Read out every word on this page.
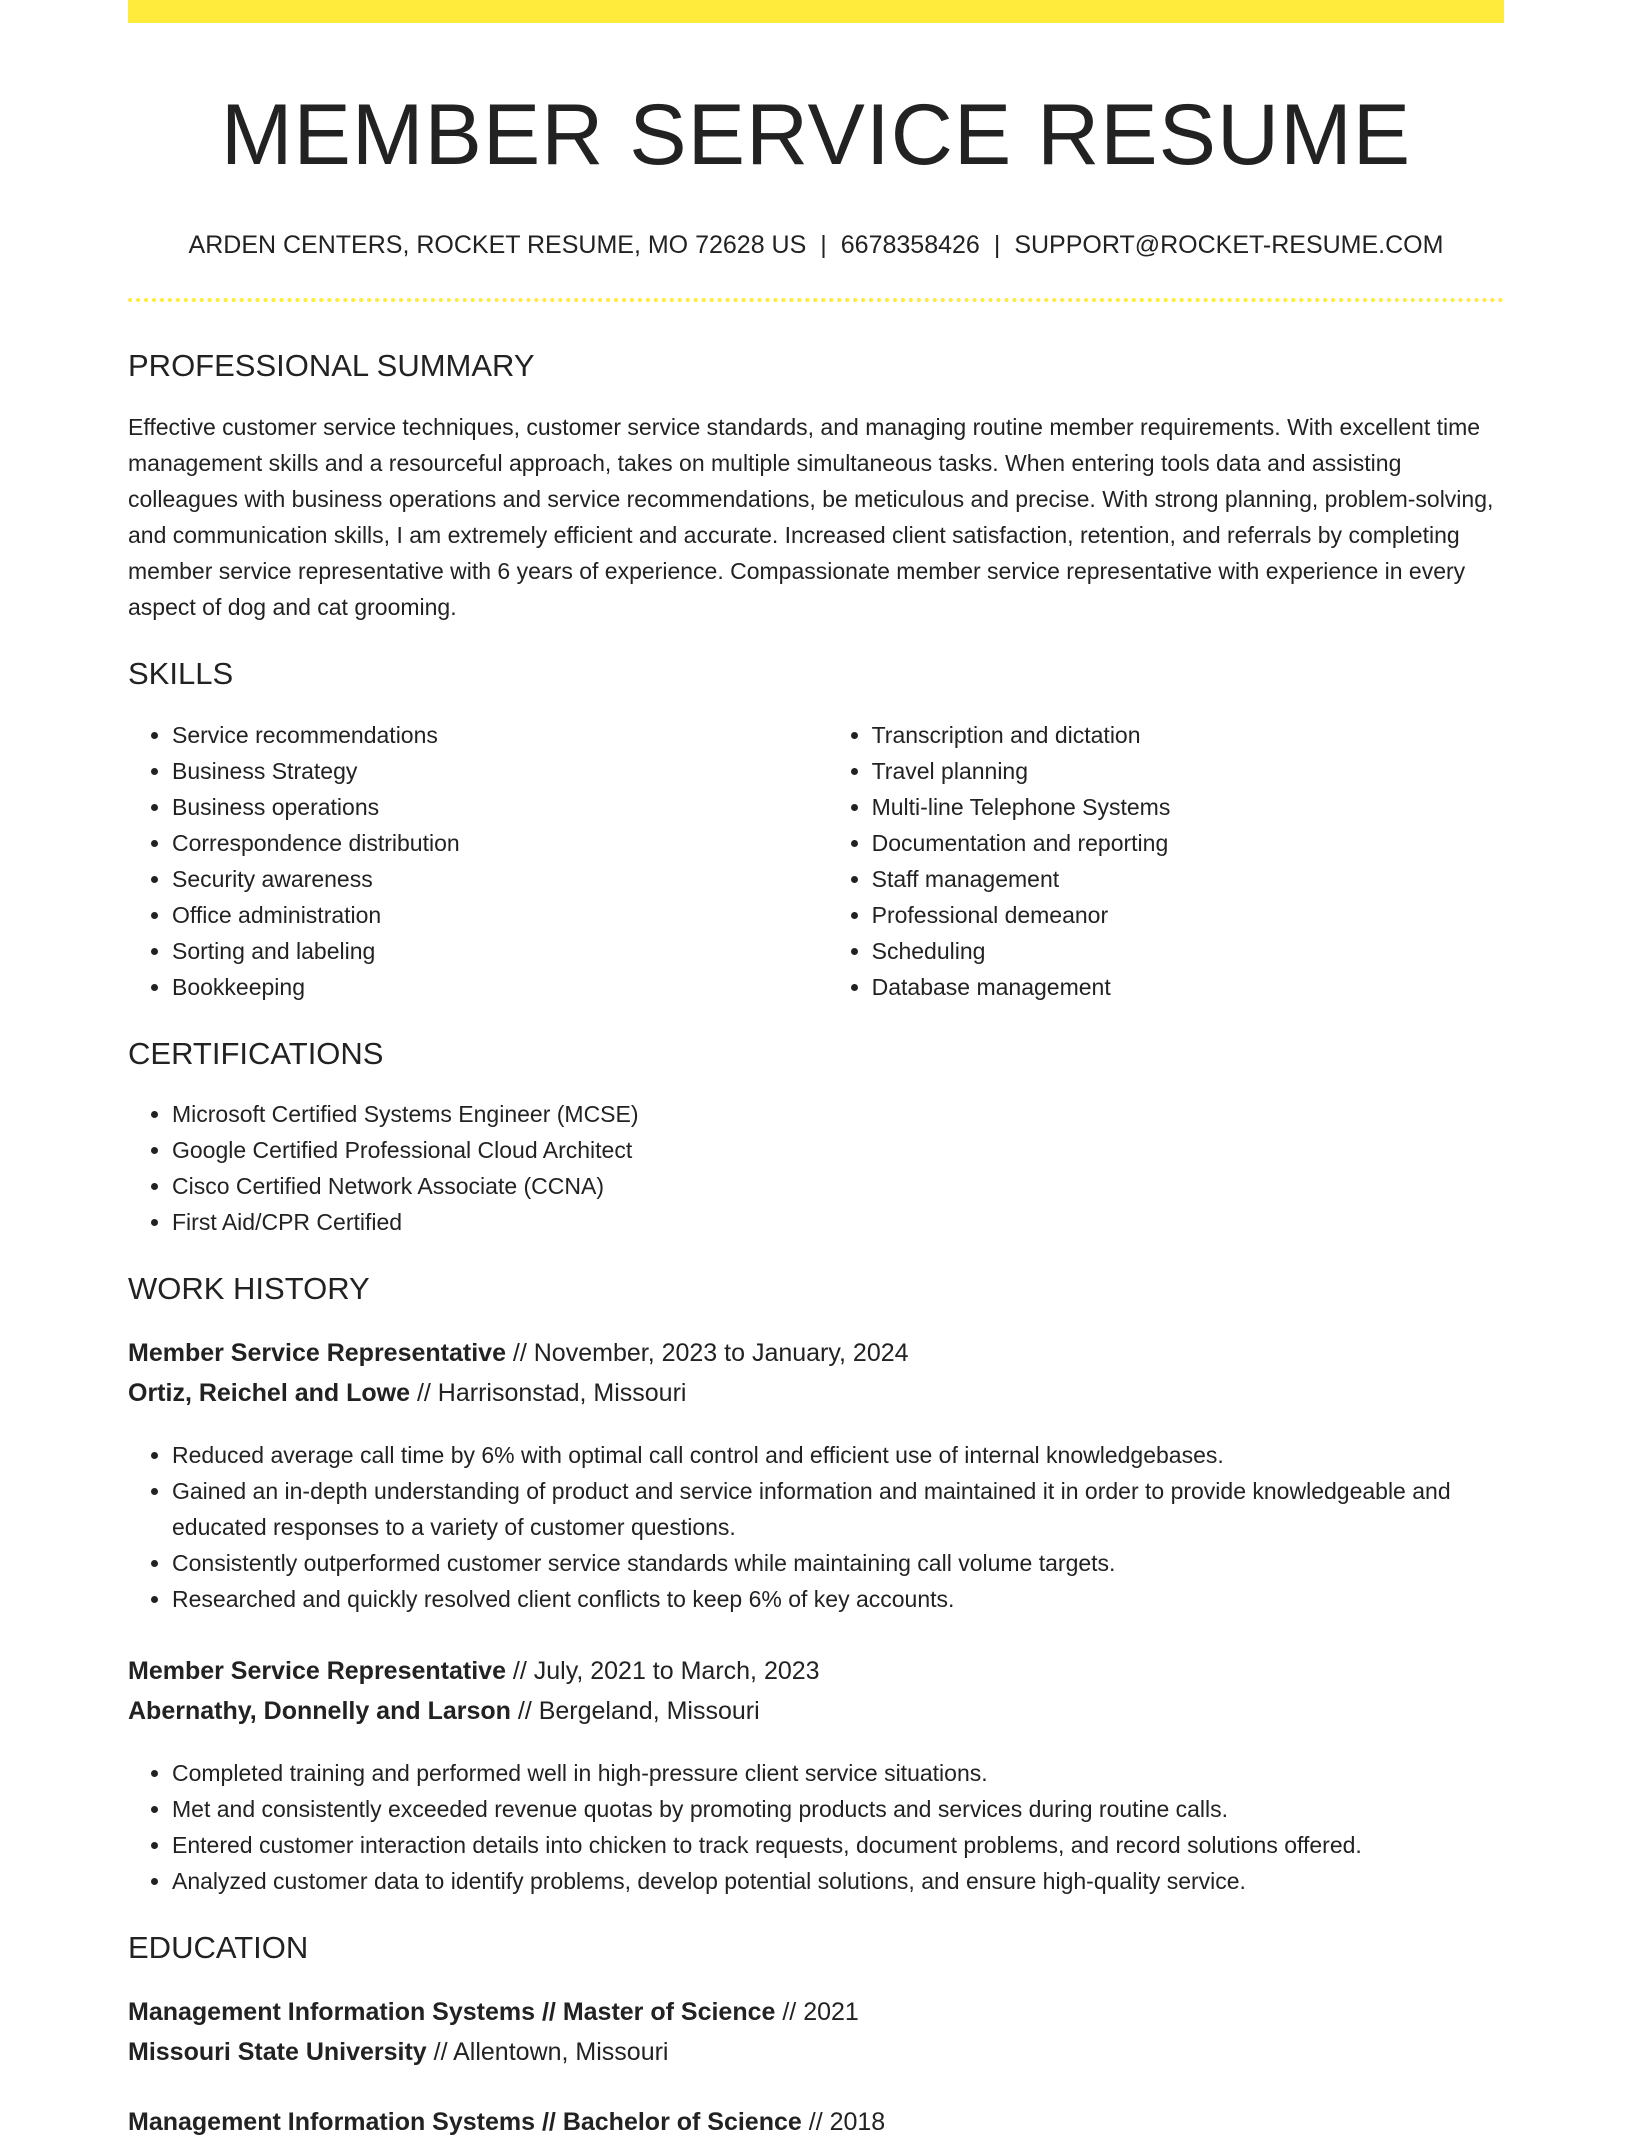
MEMBER SERVICE RESUME
ARDEN CENTERS, ROCKET RESUME, MO 72628 US | 6678358426 | SUPPORT@ROCKET-RESUME.COM
PROFESSIONAL SUMMARY

Effective customer service techniques, customer service standards, and managing routine member requirements. With excellent time management skills and a resourceful approach, takes on multiple simultaneous tasks. When entering tools data and assisting colleagues with business operations and service recommendations, be meticulous and precise. With strong planning, problem-solving, and communication skills, I am extremely efficient and accurate. Increased client satisfaction, retention, and referrals by completing member service representative with 6 years of experience. Compassionate member service representative with experience in every aspect of dog and cat grooming.

SKILLS
• Service recommendations
• Business Strategy
• Business operations
• Correspondence distribution
• Security awareness
• Office administration
• Sorting and labeling
• Bookkeeping
• Transcription and dictation
• Travel planning
• Multi-line Telephone Systems
• Documentation and reporting
• Staff management
• Professional demeanor
• Scheduling
• Database management
CERTIFICATIONS
• Microsoft Certified Systems Engineer (MCSE)
• Google Certified Professional Cloud Architect
• Cisco Certified Network Associate (CCNA)
• First Aid/CPR Certified
WORK HISTORY

Member Service Representative // November, 2023 to January, 2024

Ortiz, Reichel and Lowe // Harrisonstad, Missouri

• Reduced average call time by 6% with optimal call control and efficient use of internal knowledgebases.
• Gained an in-depth understanding of product and service information and maintained it in order to provide knowledgeable and educated responses to a variety of customer questions.
• Consistently outperformed customer service standards while maintaining call volume targets.
• Researched and quickly resolved client conflicts to keep 6% of key accounts.

Member Service Representative // July, 2021 to March, 2023

Abernathy, Donnelly and Larson // Bergeland, Missouri

• Completed training and performed well in high-pressure client service situations.
• Met and consistently exceeded revenue quotas by promoting products and services during routine calls.
• Entered customer interaction details into chicken to track requests, document problems, and record solutions offered.
• Analyzed customer data to identify problems, develop potential solutions, and ensure high-quality service.
EDUCATION

Management Information Systems // Master of Science // 2021

Missouri State University // Allentown, Missouri

Management Information Systems // Bachelor of Science // 2018
